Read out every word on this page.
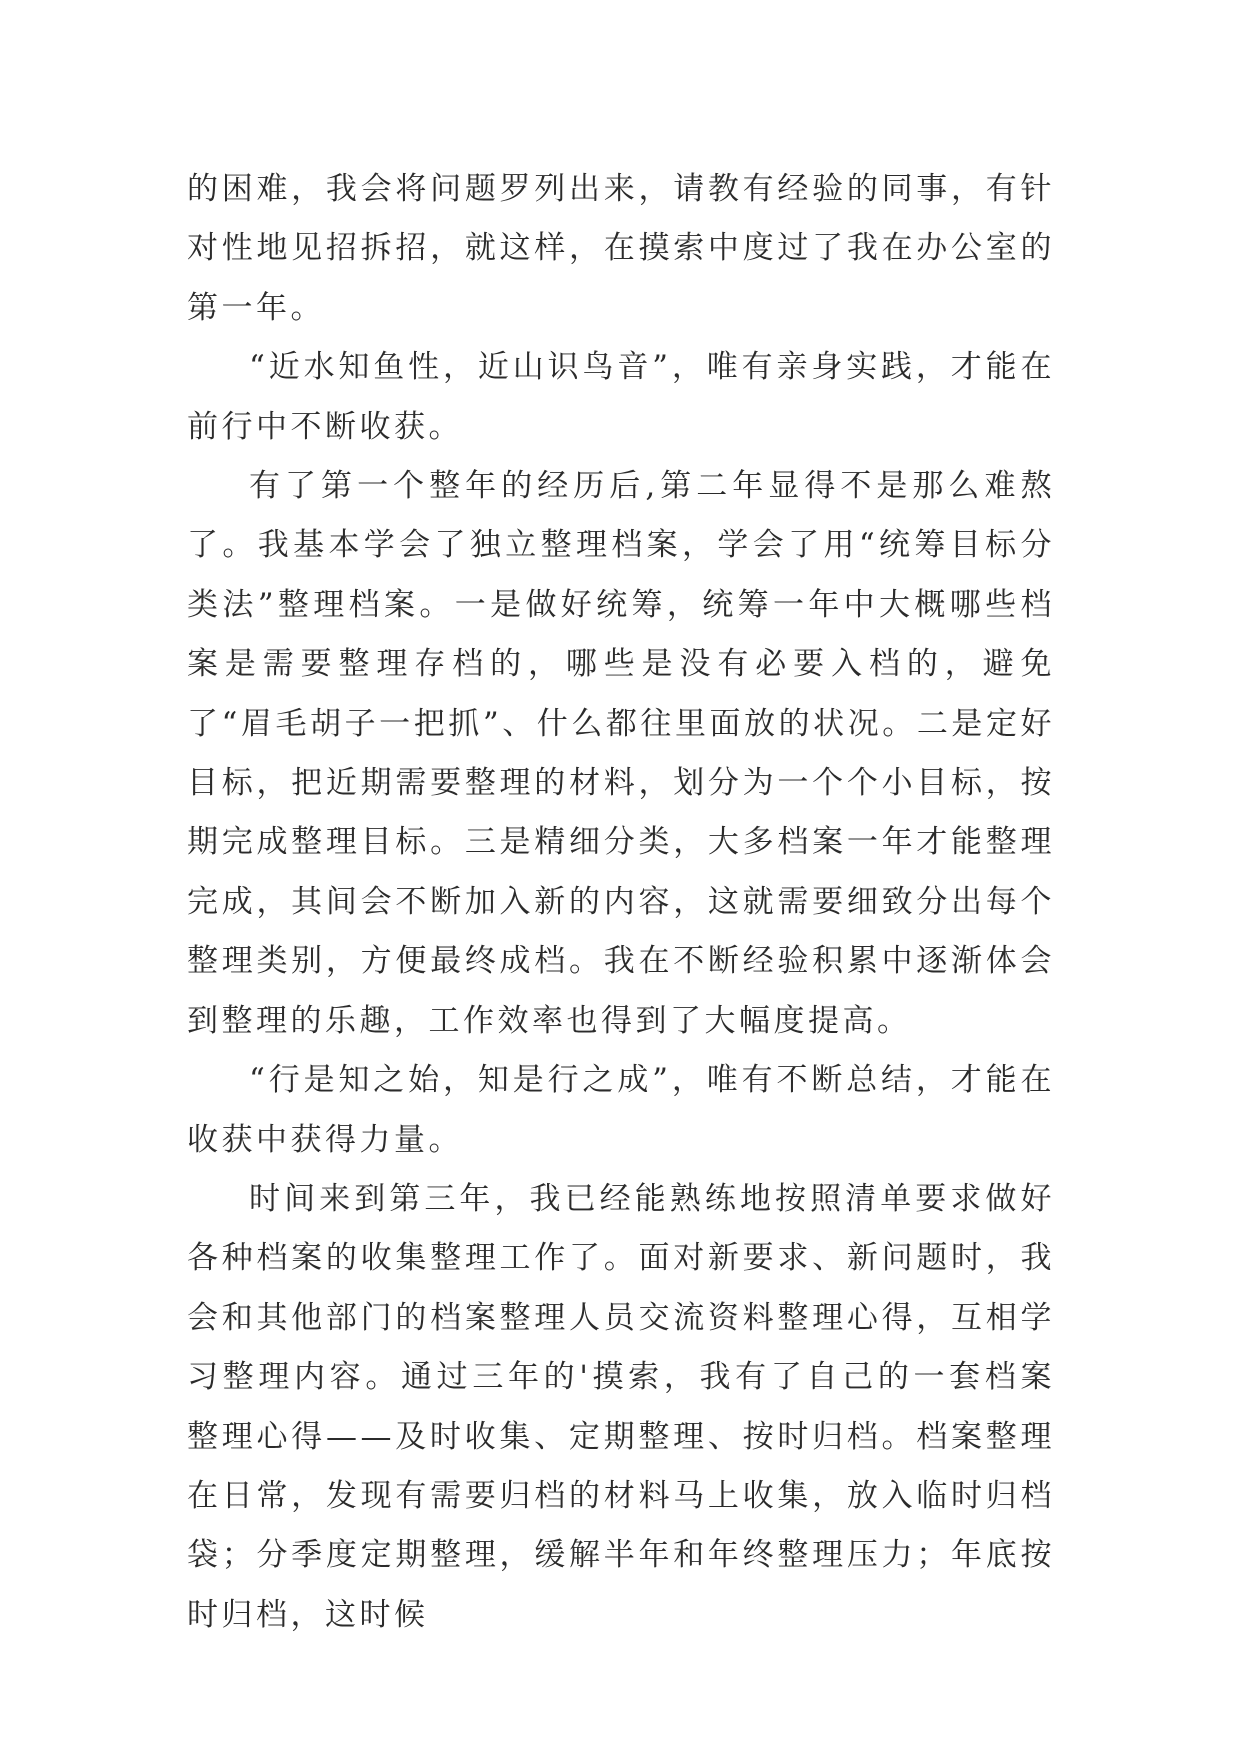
的困难，我会将问题罗列出来，请教有经验的同事，有针对性地见招拆招，就这样，在摸索中度过了我在办公室的第一年。

“近水知鱼性，近山识鸟音”，唯有亲身实践，才能在前行中不断收获。

有了第一个整年的经历后,第二年显得不是那么难熬了。我基本学会了独立整理档案，学会了用“统筹目标分类法”整理档案。一是做好统筹，统筹一年中大概哪些档案是需要整理存档的，哪些是没有必要入档的，避免了“眉毛胡子一把抓”、什么都往里面放的状况。二是定好目标，把近期需要整理的材料，划分为一个个小目标，按期完成整理目标。三是精细分类，大多档案一年才能整理完成，其间会不断加入新的内容，这就需要细致分出每个整理类别，方便最终成档。我在不断经验积累中逐渐体会到整理的乐趣，工作效率也得到了大幅度提高。

“行是知之始，知是行之成”，唯有不断总结，才能在收获中获得力量。

时间来到第三年，我已经能熟练地按照清单要求做好各种档案的收集整理工作了。面对新要求、新问题时，我会和其他部门的档案整理人员交流资料整理心得，互相学习整理内容。通过三年的'摸索，我有了自己的一套档案整理心得——及时收集、定期整理、按时归档。档案整理在日常，发现有需要归档的材料马上收集，放入临时归档袋；分季度定期整理，缓解半年和年终整理压力；年底按时归档，这时候
